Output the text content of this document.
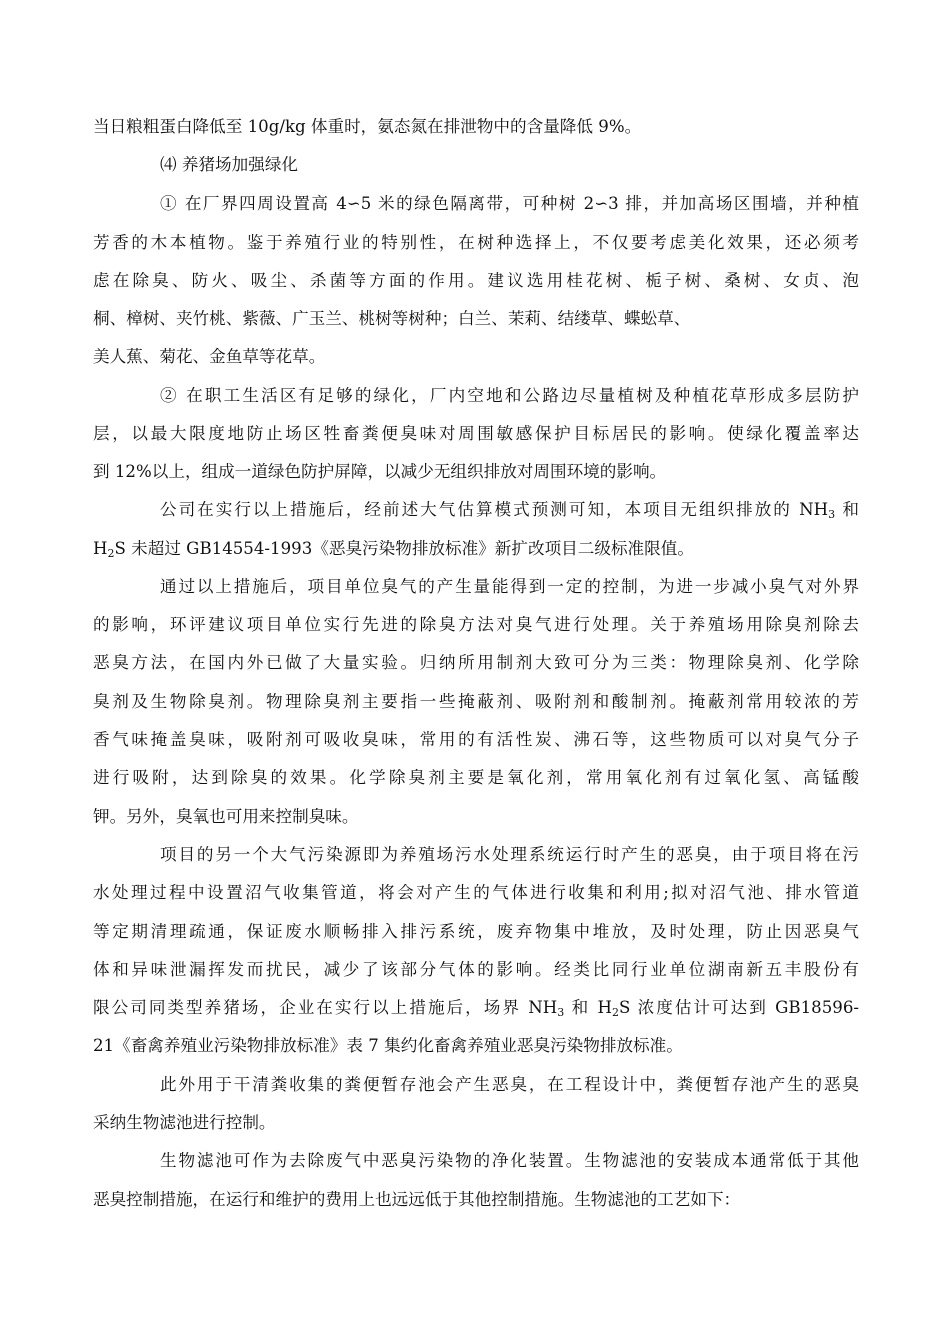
当日粮粗蛋白降低至 10g/kg 体重时，氨态氮在排泄物中的含量降低 9%。
⑷ 养猪场加强绿化
① 在厂界四周设置高 4∽5 米的绿色隔离带，可种树 2∽3 排，并加高场区围墙，并种植
芳香的木本植物。鉴于养殖行业的特别性，在树种选择上，不仅要考虑美化效果，还必须考
虑在除臭、防火、吸尘、杀菌等方面的作用。建议选用桂花树、栀子树、桑树、女贞、泡
桐、樟树、夹竹桃、紫薇、广玉兰、桃树等树种；白兰、茉莉、结缕草、蝶蚣草、
美人蕉、菊花、金鱼草等花草。
② 在职工生活区有足够的绿化，厂内空地和公路边尽量植树及种植花草形成多层防护
层，以最大限度地防止场区牲畜粪便臭味对周围敏感保护目标居民的影响。使绿化覆盖率达
到 12%以上，组成一道绿色防护屏障，以减少无组织排放对周围环境的影响。
公司在实行以上措施后，经前述大气估算模式预测可知，本项目无组织排放的 $NH_3$ 和
$H_2S$ 未超过 GB14554-1993《恶臭污染物排放标准》新扩改项目二级标准限值。
通过以上措施后，项目单位臭气的产生量能得到一定的控制，为进一步减小臭气对外界
的影响，环评建议项目单位实行先进的除臭方法对臭气进行处理。关于养殖场用除臭剂除去
恶臭方法，在国内外已做了大量实验。归纳所用制剂大致可分为三类：物理除臭剂、化学除
臭剂及生物除臭剂。物理除臭剂主要指一些掩蔽剂、吸附剂和酸制剂。掩蔽剂常用较浓的芳
香气味掩盖臭味，吸附剂可吸收臭味，常用的有活性炭、沸石等，这些物质可以对臭气分子
进行吸附，达到除臭的效果。化学除臭剂主要是氧化剂，常用氧化剂有过氧化氢、高锰酸
钾。另外，臭氧也可用来控制臭味。
项目的另一个大气污染源即为养殖场污水处理系统运行时产生的恶臭，由于项目将在污
水处理过程中设置沼气收集管道，将会对产生的气体进行收集和利用;拟对沼气池、排水管道
等定期清理疏通，保证废水顺畅排入排污系统，废弃物集中堆放，及时处理，防止因恶臭气
体和异味泄漏挥发而扰民，减少了该部分气体的影响。经类比同行业单位湖南新五丰股份有
限公司同类型养猪场，企业在实行以上措施后，场界 $NH_3$ 和 $H_2S$ 浓度估计可达到 GB18596-
21《畜禽养殖业污染物排放标准》表 7 集约化畜禽养殖业恶臭污染物排放标准。
此外用于干清粪收集的粪便暂存池会产生恶臭，在工程设计中，粪便暂存池产生的恶臭
采纳生物滤池进行控制。
生物滤池可作为去除废气中恶臭污染物的净化装置。生物滤池的安装成本通常低于其他
恶臭控制措施，在运行和维护的费用上也远远低于其他控制措施。生物滤池的工艺如下：
